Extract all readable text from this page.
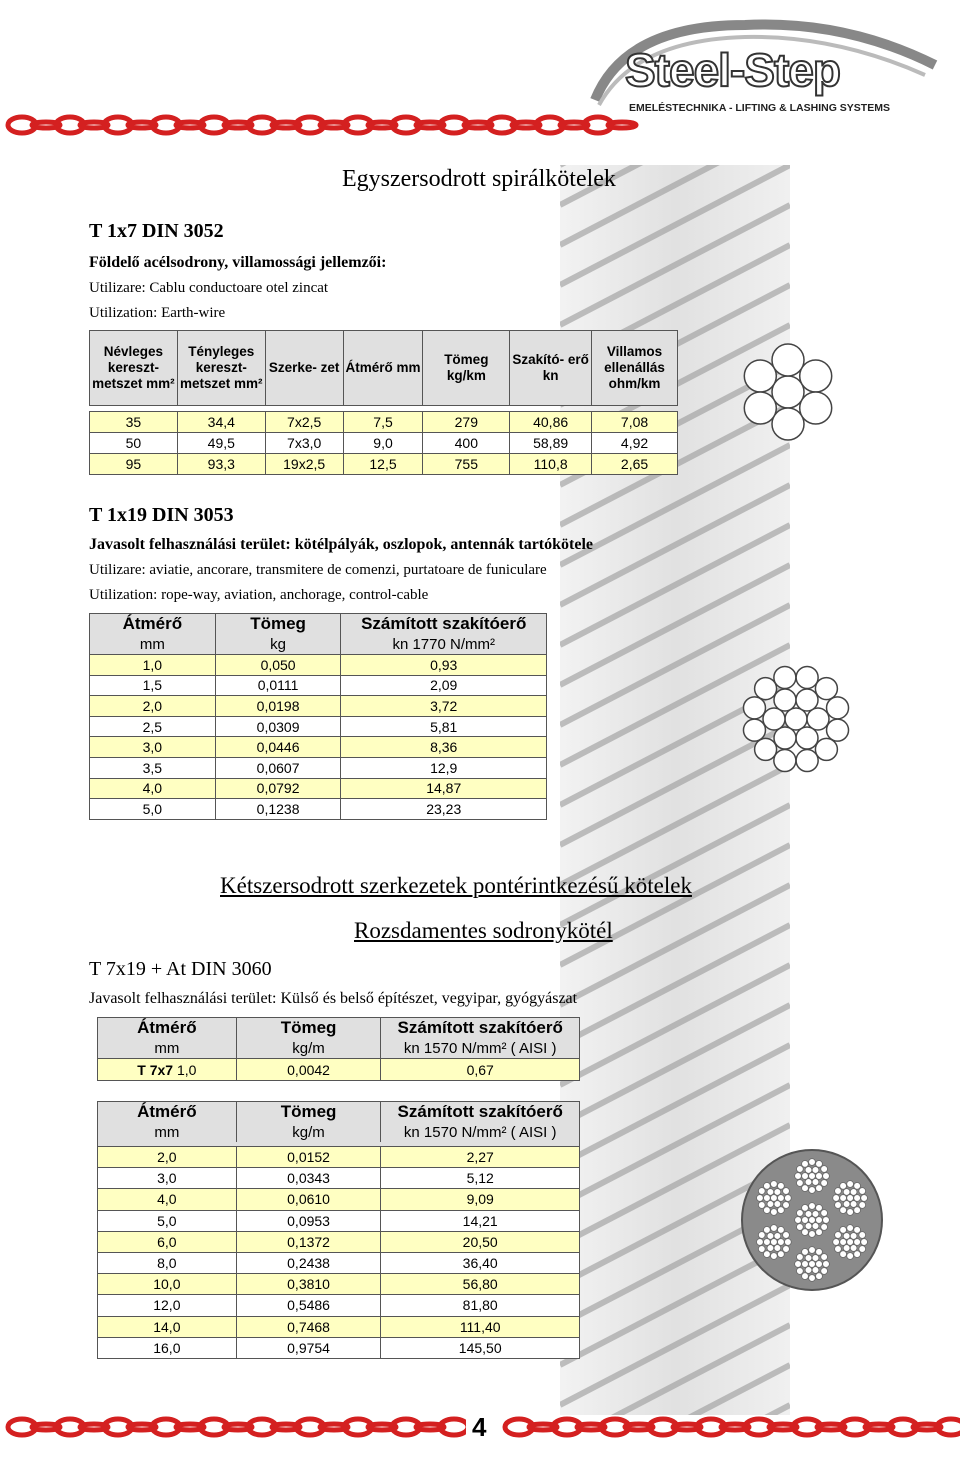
Steel-Step
EMELÉSTECHNIKA - LIFTING & LASHING SYSTEMS
Egyszersodrott spirálkötelek
T 1x7 DIN 3052
Földelő acélsodrony, villamossági jellemzői:
Utilizare: Cablu conductoare otel zincat
Utilization: Earth-wire
Névleges kereszt- metszet mm²	Tényleges kereszt- metszet mm²	Szerke- zet	Átmérő mm	Tömeg kg/km	Szakító- erő kn	Villamos ellenállás ohm/km

35	34,4	7x2,5	7,5	279	40,86	7,08
50	49,5	7x3,0	9,0	400	58,89	4,92
95	93,3	19x2,5	12,5	755	110,8	2,65
T 1x19 DIN 3053
Javasolt felhasználási terület: kötélpályák, oszlopok, antennák tartókötele
Utilizare: aviatie, ancorare, transmitere de comenzi, purtatoare de funiculare
Utilization: rope-way, aviation, anchorage, control-cable
Átmérő	Tömeg	Számított szakítóerő
mm	kg	kn 1770 N/mm²
1,0	0,050	0,93
1,5	0,0111	2,09
2,0	0,0198	3,72
2,5	0,0309	5,81
3,0	0,0446	8,36
3,5	0,0607	12,9
4,0	0,0792	14,87
5,0	0,1238	23,23
Kétszersodrott szerkezetek pontérintkezésű kötelek
Rozsdamentes sodronykötél
T 7x19 + At DIN 3060
Javasolt felhasználási terület: Külső és belső építészet, vegyipar, gyógyászat
Átmérő	Tömeg	Számított szakítóerő
mm	kg/m	kn 1570 N/mm² ( AISI )
T 7x7 1,0	0,0042	0,67
Átmérő	Tömeg	Számított szakítóerő
mm	kg/m	kn 1570 N/mm² ( AISI )

2,0	0,0152	2,27
3,0	0,0343	5,12
4,0	0,0610	9,09
5,0	0,0953	14,21
6,0	0,1372	20,50
8,0	0,2438	36,40
10,0	0,3810	56,80
12,0	0,5486	81,80
14,0	0,7468	111,40
16,0	0,9754	145,50
4
